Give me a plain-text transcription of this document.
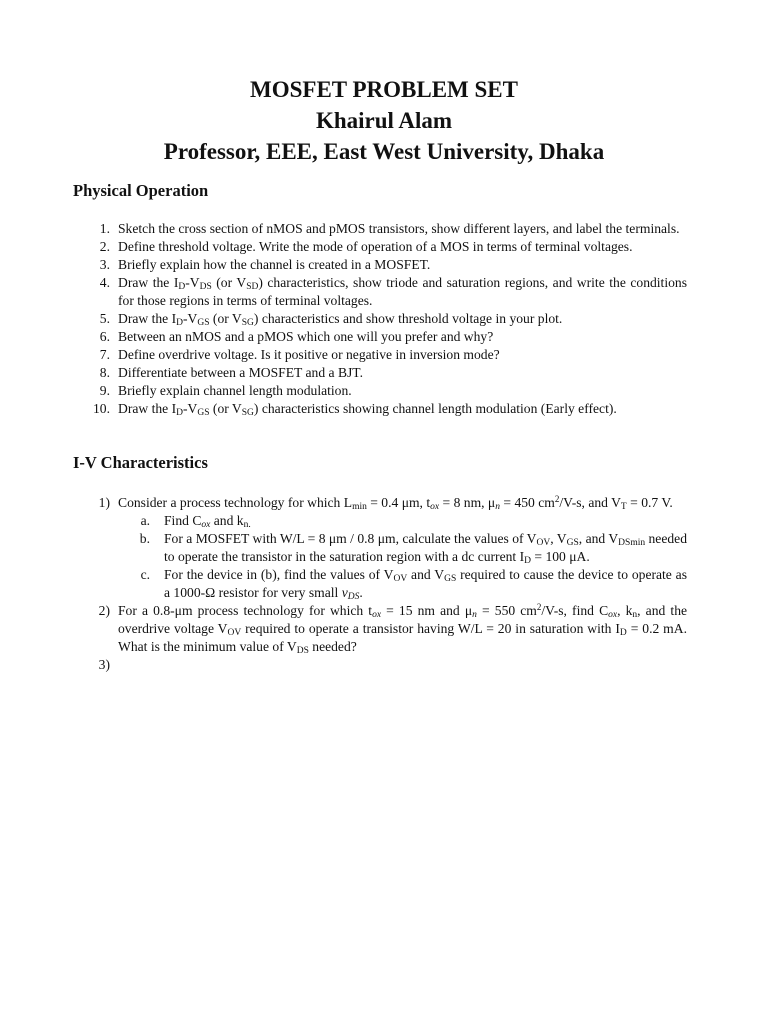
MOSFET PROBLEM SET
Khairul Alam
Professor, EEE, East West University, Dhaka
Physical Operation
1. Sketch the cross section of nMOS and pMOS transistors, show different layers, and label the terminals.
2. Define threshold voltage. Write the mode of operation of a MOS in terms of terminal voltages.
3. Briefly explain how the channel is created in a MOSFET.
4. Draw the $I_D-V_{DS}$ (or $V_{SD}$) characteristics, show triode and saturation regions, and write the conditions for those regions in terms of terminal voltages.
5. Draw the $I_D-V_{GS}$ (or $V_{SG}$) characteristics and show threshold voltage in your plot.
6. Between an nMOS and a pMOS which one will you prefer and why?
7. Define overdrive voltage. Is it positive or negative in inversion mode?
8. Differentiate between a MOSFET and a BJT.
9. Briefly explain channel length modulation.
10. Draw the $I_D-V_{GS}$ (or $V_{SG}$) characteristics showing channel length modulation (Early effect).
I-V Characteristics
1) Consider a process technology for which $L_{min} = 0.4$ μm, $t_{ox} = 8$ nm, $\mu_n = 450$ $cm^2/V-s$, and $V_T = 0.7$ V.
a. Find $C_{ox}$ and $k_{n.}$
b. For a MOSFET with W/L = 8 μm / 0.8 μm, calculate the values of $V_{OV}$, $V_{GS}$, and $V_{DSmin}$ needed to operate the transistor in the saturation region with a dc current $I_D = 100$ μA.
c. For the device in (b), find the values of $V_{OV}$ and $V_{GS}$ required to cause the device to operate as a 1000-Ω resistor for very small $v_{DS}$.
2) For a 0.8-μm process technology for which $t_{ox} = 15$ nm and $\mu_n = 550$ $cm^2/V-s$, find $C_{ox}$, $k_n$, and the overdrive voltage $V_{OV}$ required to operate a transistor having W/L = 20 in saturation with $I_D = 0.2$ mA. What is the minimum value of $V_{DS}$ needed?
3)
